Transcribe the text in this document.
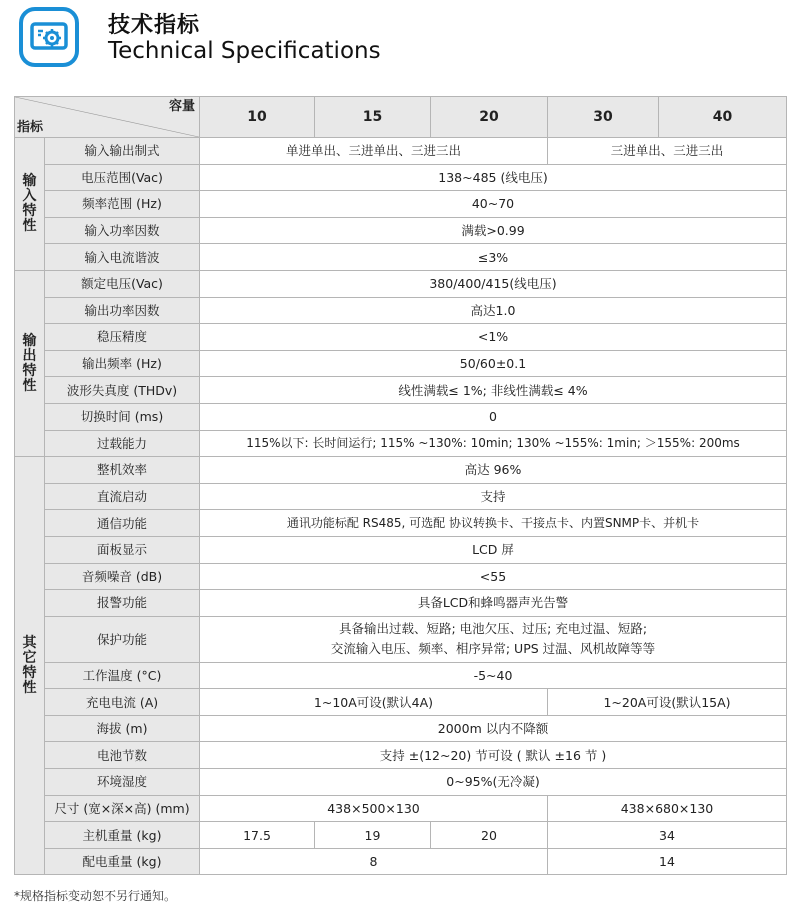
技术指标
Technical Specifications
容量
指标		10	15	20	30	40

输
入
特
性	输入输出制式	单进单出、三进单出、三进三出			三进单出、三进三出	
	电压范围(Vac)	138~485 (线电压)				
	频率范围 (Hz)	40~70				
	输入功率因数	满载>0.99				
	输入电流谐波	≤3%				

输
出
特
性	额定电压(Vac)	380/400/415(线电压)				
	输出功率因数	高达1.0				
	稳压精度	<1%				
	输出频率 (Hz)	50/60±0.1				
	波形失真度 (THDv)	线性满载≤ 1%; 非线性满载≤ 4%				
	切换时间 (ms)	0				
	过载能力	115%以下: 长时间运行; 115% ~130%: 10min; 130% ~155%: 1min; ＞155%: 200ms				

其
它
特
性	整机效率	高达 96%				
	直流启动	支持				
	通信功能	通讯功能标配 RS485, 可选配 协议转换卡、干接点卡、内置SNMP卡、并机卡				
	面板显示	LCD 屏				
	音频噪音 (dB)	<55				
	报警功能	具备LCD和蜂鸣器声光告警				
	保护功能	具备输出过载、短路; 电池欠压、过压; 充电过温、短路;
交流输入电压、频率、相序异常; UPS 过温、风机故障等等				

	工作温度 (°C)	-5~40				
	充电电流 (A)	1~10A可设(默认4A)			1~20A可设(默认15A)	
	海拔 (m)	2000m 以内不降额				
	电池节数	支持 ±(12~20) 节可设 ( 默认 ±16 节 )				
	环境湿度	0~95%(无冷凝)				
	尺寸 (宽×深×高) (mm)	438×500×130			438×680×130	
	主机重量 (kg)	17.5	19	20	34	
	配电重量 (kg)	8			14	
*规格指标变动恕不另行通知。
